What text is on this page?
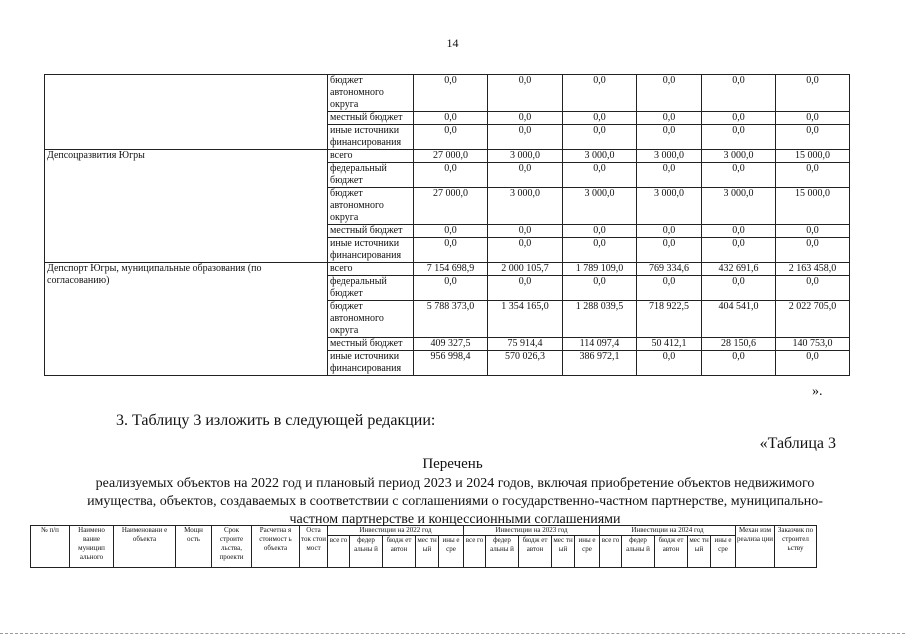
14
	бюджет автономного округа	0,0	0,0	0,0	0,0	0,0	0,0
	местный бюджет	0,0	0,0	0,0	0,0	0,0	0,0
	иные источники финансирования	0,0	0,0	0,0	0,0	0,0	0,0
Депсоцразвития Югры	всего	27 000,0	3 000,0	3 000,0	3 000,0	3 000,0	15 000,0
	федеральный бюджет	0,0	0,0	0,0	0,0	0,0	0,0
	бюджет автономного округа	27 000,0	3 000,0	3 000,0	3 000,0	3 000,0	15 000,0
	местный бюджет	0,0	0,0	0,0	0,0	0,0	0,0
	иные источники финансирования	0,0	0,0	0,0	0,0	0,0	0,0
Депспорт Югры, муниципальные образования (по согласованию)	всего	7 154 698,9	2 000 105,7	1 789 109,0	769 334,6	432 691,6	2 163 458,0
	федеральный бюджет	0,0	0,0	0,0	0,0	0,0	0,0
	бюджет автономного округа	5 788 373,0	1 354 165,0	1 288 039,5	718 922,5	404 541,0	2 022 705,0
	местный бюджет	409 327,5	75 914,4	114 097,4	50 412,1	28 150,6	140 753,0
	иные источники финансирования	956 998,4	570 026,3	386 972,1	0,0	0,0	0,0
».
3. Таблицу 3 изложить в следующей редакции:
«Таблица 3
Перечень
реализуемых объектов на 2022 год и плановый период 2023 и 2024 годов, включая приобретение объектов недвижимого имущества, объектов, создаваемых в соответствии с соглашениями о государственно-частном партнерстве, муниципально-частном партнерстве и концессионными соглашениями
№ п/п	Наимено вание муницип ального	Наименовани е объекта	Мощн ость	Срок строите льства, проекти	Расчетна я стоимост ь объекта	Оста ток стои мост	Инвестиции на 2022 год					Инвестиции на 2023 год					Инвестиции на 2024 год					Механ изм реализа ции	Заказчик по строител ьству
							все го	федер альны й	бюдж ет автон	мес тн ый	ины е сре	все го	федер альны й	бюдж ет автон	мес тн ый	ины е сре	все го	федер альны й	бюдж ет автон	мес тн ый	ины е сре		
